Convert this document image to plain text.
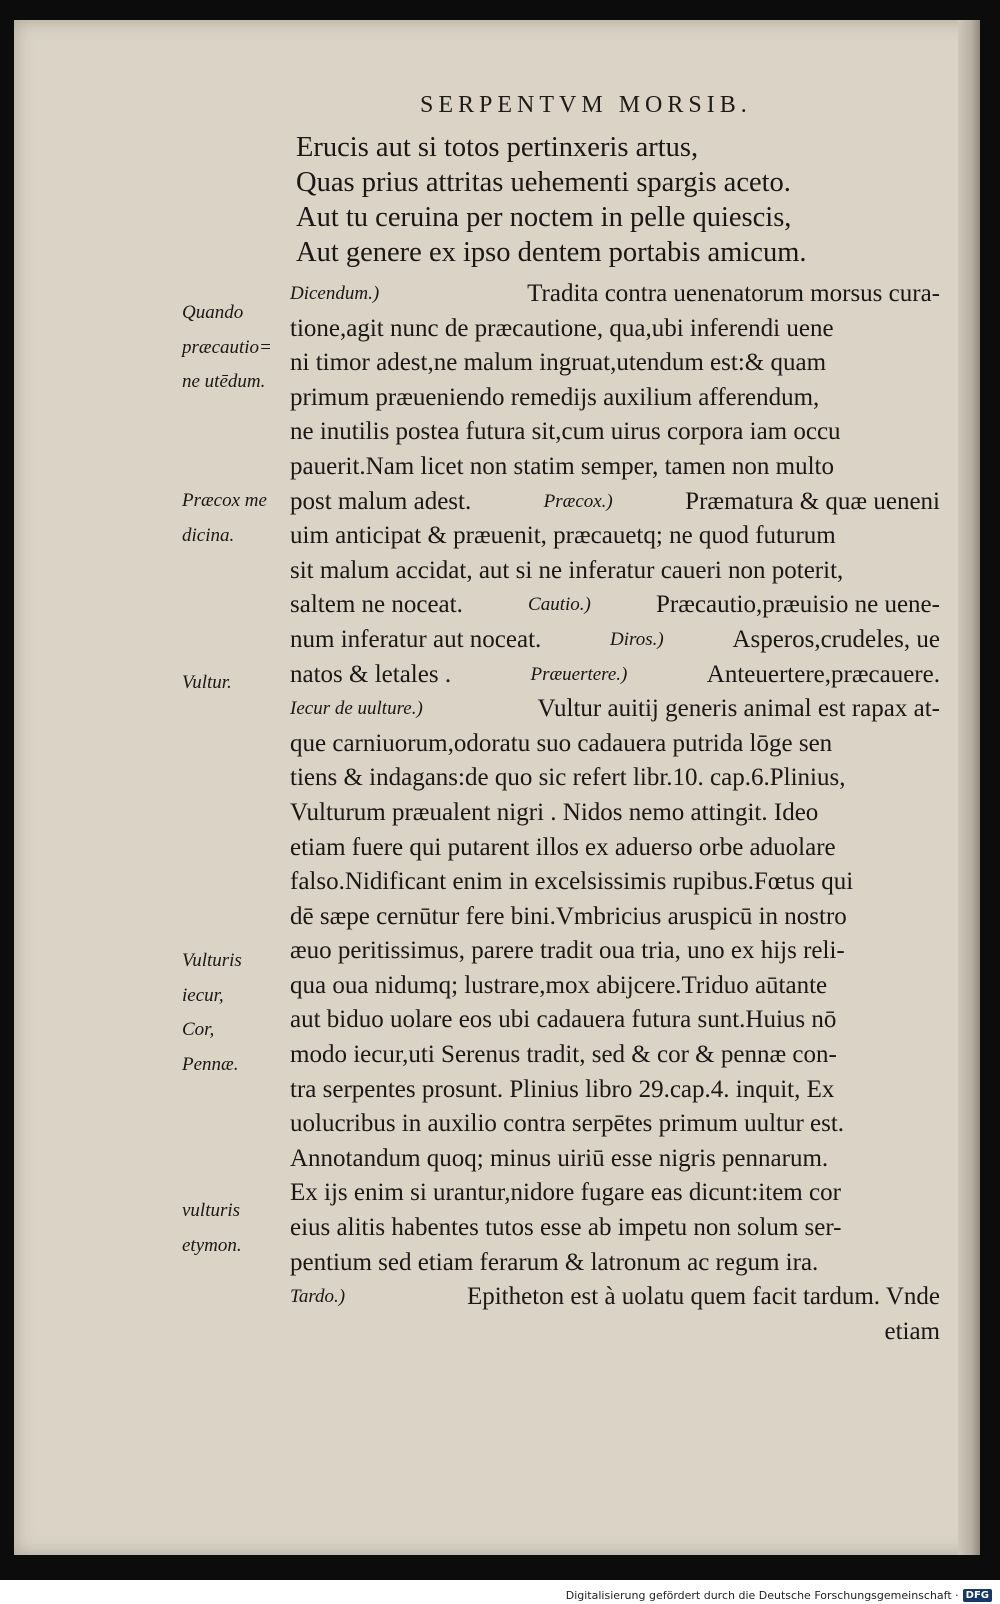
SERPENTVM MORSIB.
Erucis aut si totos pertinxeris artus,
Quas prius attritas uehementi spargis aceto.
Aut tu ceruina per noctem in pelle quiescis,
Aut genere ex ipso dentem portabis amicum.
Dicendum.)	Tradita contra uenenatorum morsus cura-
tione,agit nunc de præcautione, qua,ubi inferendi uene
ni timor adest,ne malum ingruat,utendum est:& quam
primum præueniendo remedijs auxilium afferendum,
ne inutilis postea futura sit,cum uirus corpora iam occu
pauerit.Nam licet non statim semper, tamen non multo
post malum adest.	Præcox.)	Præmatura & quæ ueneni
uim anticipat & præuenit, præcauetq; ne quod futurum
sit malum accidat, aut si ne inferatur caueri non poterit,
saltem ne noceat.	Cautio.)	Præcautio,præuisio ne uene-
num inferatur aut noceat.	Diros.)	Asperos,crudeles, ue
natos & letales .	Præuertere.)	Anteuertere,præcauere.
Iecur de uulture.)	Vultur auitij generis animal est rapax at-
que carniuorum,odoratu suo cadauera putrida lōge sen
tiens & indagans:de quo sic refert libr.10. cap.6.Plinius,
Vulturum præualent nigri . Nidos nemo attingit. Ideo
etiam fuere qui putarent illos ex aduerso orbe aduolare
falso.Nidificant enim in excelsissimis rupibus.Fœtus qui
dē sæpe cernūtur fere bini.Vmbricius aruspicū in nostro
æuo peritissimus, parere tradit oua tria, uno ex hijs reli-
qua oua nidumq; lustrare,mox abijcere.Triduo aūtante
aut biduo uolare eos ubi cadauera futura sunt.Huius nō
modo iecur,uti Serenus tradit, sed & cor & pennæ con-
tra serpentes prosunt. Plinius libro 29.cap.4. inquit, Ex
uolucribus in auxilio contra serpētes primum uultur est.
Annotandum quoq; minus uiriū esse nigris pennarum.
Ex ijs enim si urantur,nidore fugare eas dicunt:item cor
eius alitis habentes tutos esse ab impetu non solum ser-
pentium sed etiam ferarum & latronum ac regum ira.
Tardo.)	Epitheton est à uolatu quem facit tardum. Vnde
etiam
Quando
præcautio=
ne utēdum.
Præcox me
dicina.
Vultur.
Vulturis
iecur,
Cor,
Pennæ.
vulturis
etymon.
Digitalisierung gefördert durch die Deutsche Forschungsgemeinschaft · DFG
